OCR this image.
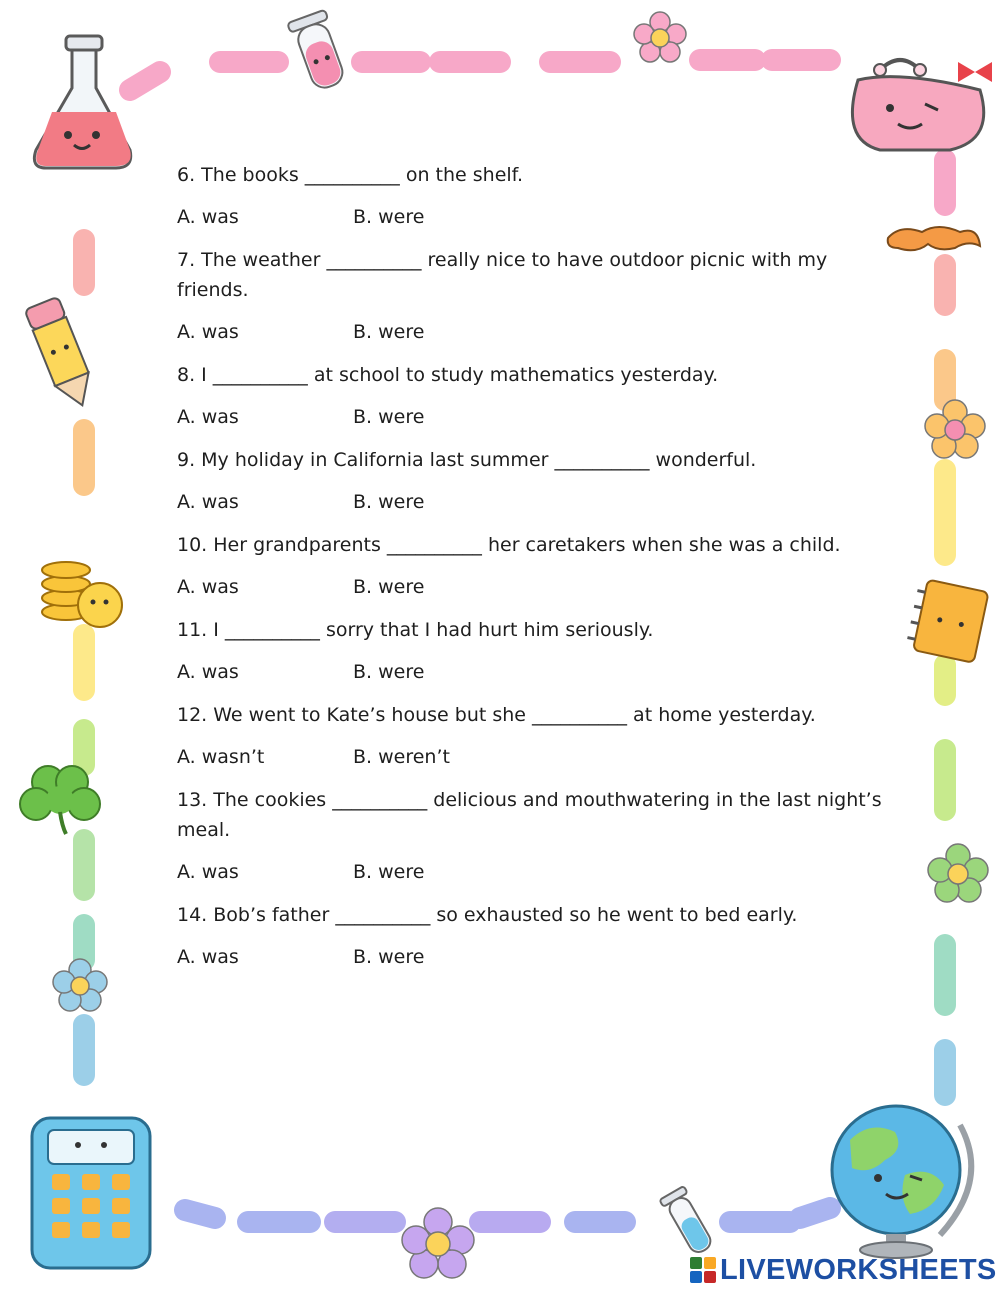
6. The books __________ on the shelf.
A. was	B. were
7. The weather __________ really nice to have outdoor picnic with my friends.
A. was	B. were
8. I __________ at school to study mathematics yesterday.
A. was	B. were
9. My holiday in California last summer __________ wonderful.
A. was	B. were
10. Her grandparents __________ her caretakers when she was a child.
A. was	B. were
11. I __________ sorry that I had hurt him seriously.
A. was	B. were
12. We went to Kate’s house but she __________ at home yesterday.
A. wasn’t	B. weren’t
13. The cookies __________ delicious and mouthwatering in the last night’s meal.
A. was	B. were
14. Bob’s father __________ so exhausted so he went to bed early.
A. was	B. were
LIVEWORKSHEETS
